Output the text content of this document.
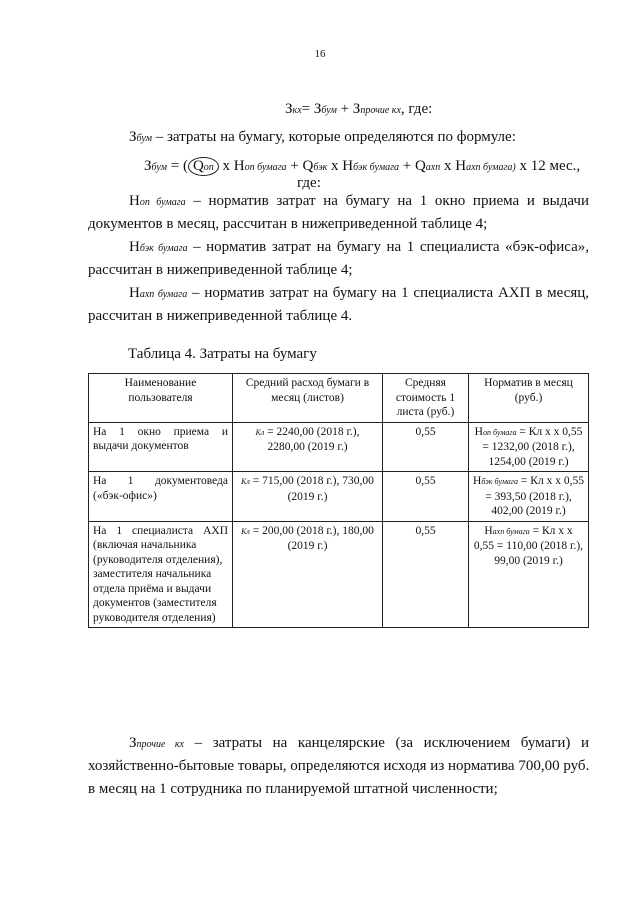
16
Зкх= Збум + Зпрочие кх, где:
Збум – затраты на бумагу, которые определяются по формуле:
Збум = ( Qоп x Ноп бумага + Qбэк x Нбэк бумага + Qахп x Нахп бумага) x 12 мес.,
где:
Ноп бумага – норматив затрат на бумагу на 1 окно приема и выдачи
документов в месяц, рассчитан в нижеприведенной таблице 4;
Нбэк бумага – норматив затрат на бумагу на 1 специалиста «бэк-офиса»,
рассчитан в нижеприведенной таблице 4;
Нахп бумага – норматив затрат на бумагу на 1 специалиста АХП в месяц,
рассчитан в нижеприведенной таблице 4.
Таблица 4. Затраты на бумагу
Наименование пользователя	Средний расход бумаги в месяц (листов)	Средняя стоимость 1 листа (руб.)	Норматив в месяц (руб.)

На 1 окно приема и
выдачи документов	Кл = 2240,00 (2018 г.), 2280,00 (2019 г.)	0,55	Ноп бумага = Кл x x 0,55 = 1232,00 (2018 г.), 1254,00 (2019 г.)

На 1 документоведа
(«бэк-офис»)	Кл = 715,00 (2018 г.), 730,00 (2019 г.)	0,55	Нбэк бумага = Кл x x 0,55 = 393,50 (2018 г.), 402,00 (2019 г.)

На 1 специалиста АХП
(включая начальника (руководителя отделения), заместителя начальника отдела приёма и выдачи документов (заместителя руководителя отделения)	Кл = 200,00 (2018 г.), 180,00 (2019 г.)	0,55	Нахп бумага = Кл x x 0,55 = 110,00 (2018 г.), 99,00 (2019 г.)
Зпрочие кх – затраты на канцелярские (за исключением бумаги) и
хозяйственно-бытовые товары, определяются исходя из норматива 700,00 руб.
в месяц на 1 сотрудника по планируемой штатной численности;
